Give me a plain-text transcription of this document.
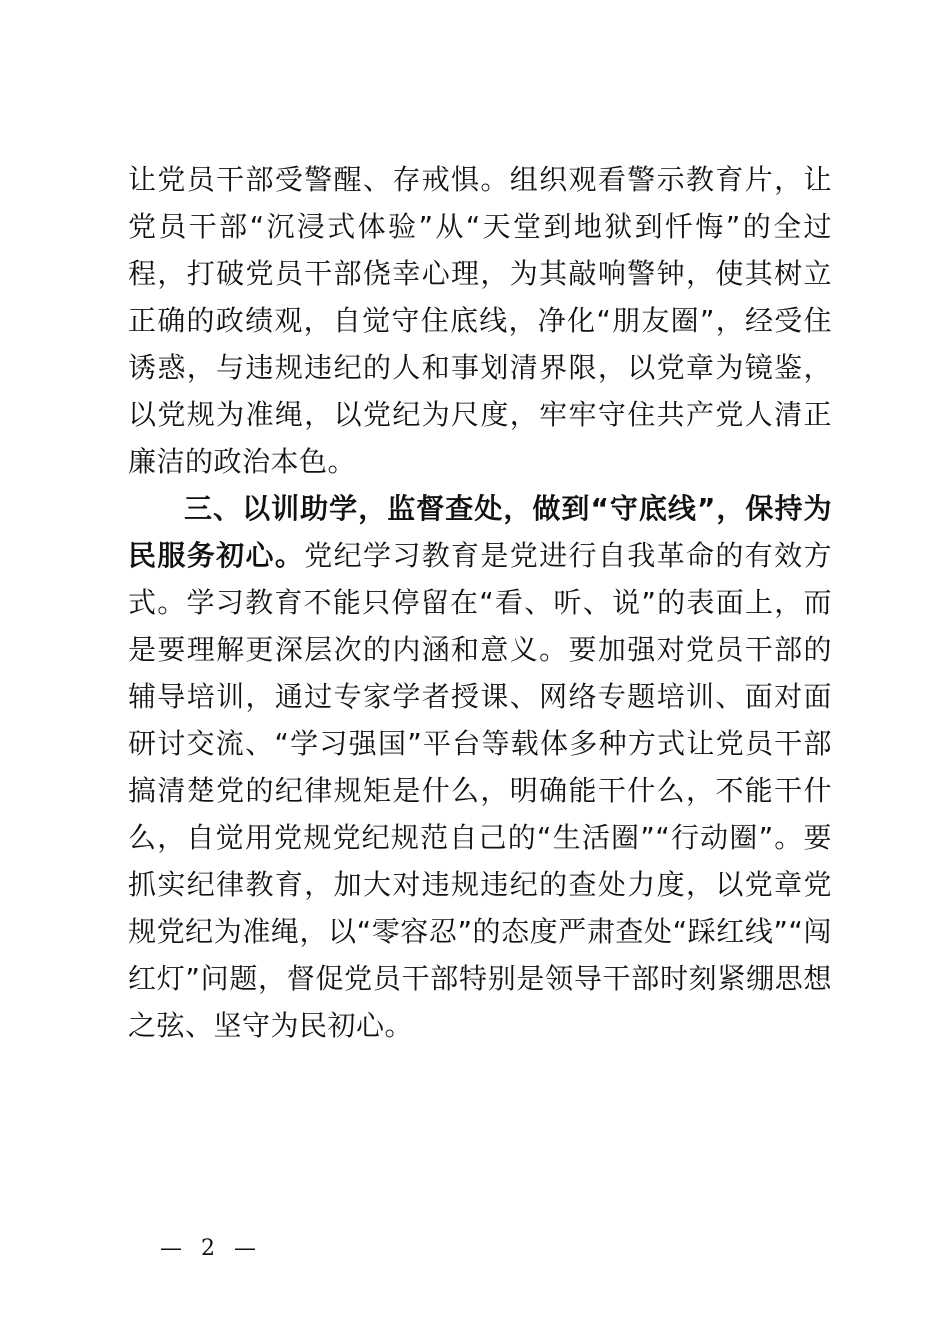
让党员干部受警醒、存戒惧。组织观看警示教育片，让党员干部“沉浸式体验”从“天堂到地狱到忏悔”的全过程，打破党员干部侥幸心理，为其敲响警钟，使其树立正确的政绩观，自觉守住底线，净化“朋友圈”，经受住诱惑，与违规违纪的人和事划清界限，以党章为镜鉴，以党规为准绳，以党纪为尺度，牢牢守住共产党人清正廉洁的政治本色。

三、以训助学，监督查处，做到“守底线”，保持为民服务初心。党纪学习教育是党进行自我革命的有效方式。学习教育不能只停留在“看、听、说”的表面上，而是要理解更深层次的内涵和意义。要加强对党员干部的辅导培训，通过专家学者授课、网络专题培训、面对面研讨交流、“学习强国”平台等载体多种方式让党员干部搞清楚党的纪律规矩是什么，明确能干什么，不能干什么，自觉用党规党纪规范自己的“生活圈”“行动圈”。要抓实纪律教育，加大对违规违纪的查处力度，以党章党规党纪为准绳，以“零容忍”的态度严肃查处“踩红线”“闯红灯”问题，督促党员干部特别是领导干部时刻紧绷思想之弦、坚守为民初心。

— 2 —
